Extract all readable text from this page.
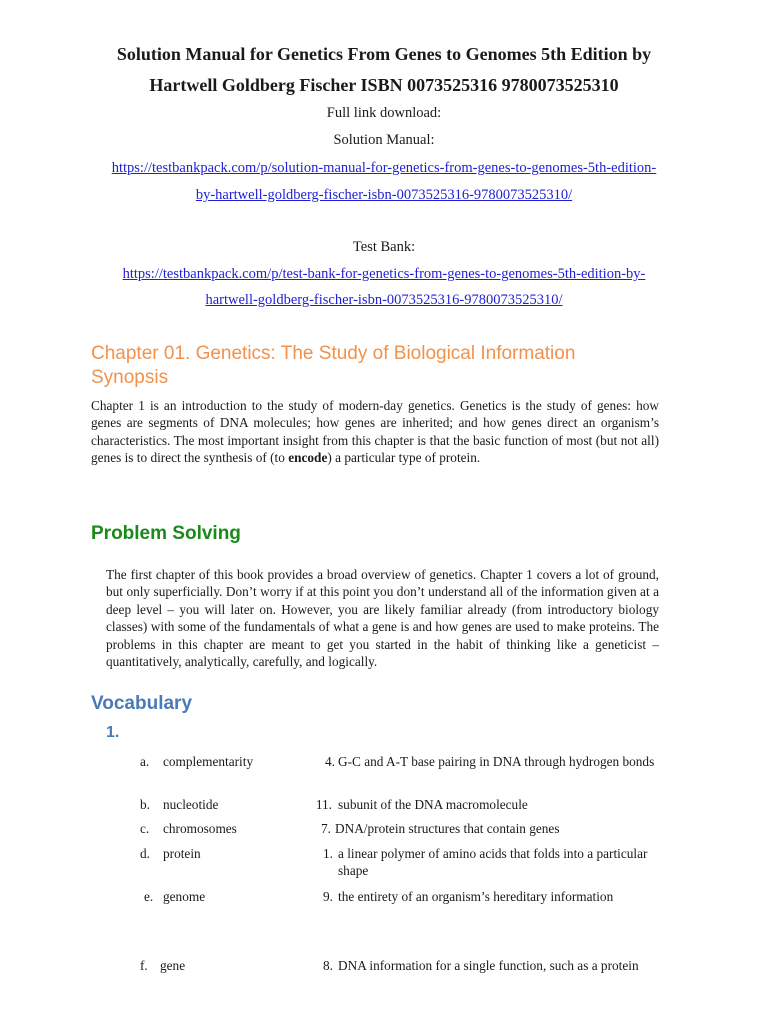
Solution Manual for Genetics From Genes to Genomes 5th Edition by
Hartwell Goldberg Fischer ISBN 0073525316 9780073525310
Full link download:
Solution Manual:
https://testbankpack.com/p/solution-manual-for-genetics-from-genes-to-genomes-5th-edition-
by-hartwell-goldberg-fischer-isbn-0073525316-9780073525310/
Test Bank:
https://testbankpack.com/p/test-bank-for-genetics-from-genes-to-genomes-5th-edition-by-
hartwell-goldberg-fischer-isbn-0073525316-9780073525310/
Chapter 01. Genetics: The Study of Biological Information
Synopsis

Chapter 1 is an introduction to the study of modern-day genetics. Genetics is the study of genes: how genes are segments of DNA molecules; how genes are inherited; and how genes direct an organism’s characteristics. The most important insight from this chapter is that the basic function of most (but not all) genes is to direct the synthesis of (to encode) a particular type of protein.

Problem Solving

The first chapter of this book provides a broad overview of genetics. Chapter 1 covers a lot of ground, but only superficially. Don’t worry if at this point you don’t understand all of the information given at a deep level – you will later on. However, you are likely familiar already (from introductory biology classes) with some of the fundamentals of what a gene is and how genes are used to make proteins. The problems in this chapter are meant to get you started in the habit of thinking like a geneticist – quantitatively, analytically, carefully, and logically.

Vocabulary
1.
a. complementarity	4. G-C and A-T base pairing in DNA through hydrogen bonds
b. nucleotide	11. subunit of the DNA macromolecule
c. chromosomes	7. DNA/protein structures that contain genes
d. protein	1. a linear polymer of amino acids that folds into a particular shape
e. genome	9. the entirety of an organism’s hereditary information
f. gene	8. DNA information for a single function, such as a protein
